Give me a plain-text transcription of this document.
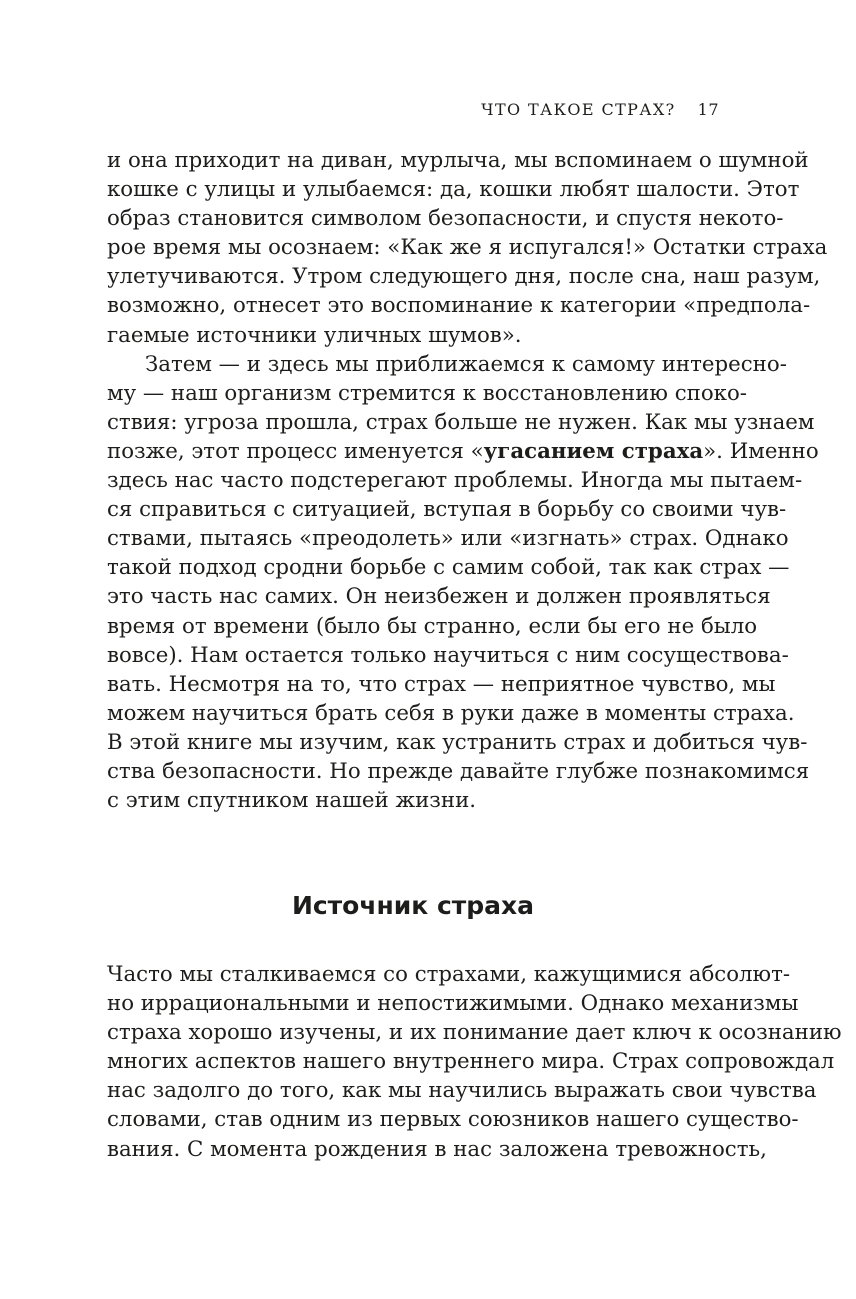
ЧТО ТАКОЕ СТРАХ? 17
и она приходит на диван, мурлыча, мы вспоминаем о шумной
кошке с улицы и улыбаемся: да, кошки любят шалости. Этот
образ становится символом безопасности, и спустя некото-
рое время мы осознаем: «Как же я испугался!» Остатки страха
улетучиваются. Утром следующего дня, после сна, наш разум,
возможно, отнесет это воспоминание к категории «предпола-
гаемые источники уличных шумов».
Затем — и здесь мы приближаемся к самому интересно-
му — наш организм стремится к восстановлению споко-
ствия: угроза прошла, страх больше не нужен. Как мы узнаем
позже, этот процесс именуется «угасанием страха». Именно
здесь нас часто подстерегают проблемы. Иногда мы пытаем-
ся справиться с ситуацией, вступая в борьбу со своими чув-
ствами, пытаясь «преодолеть» или «изгнать» страх. Однако
такой подход сродни борьбе с самим собой, так как страх —
это часть нас самих. Он неизбежен и должен проявляться
время от времени (было бы странно, если бы его не было
вовсе). Нам остается только научиться с ним сосуществова-
вать. Несмотря на то, что страх — неприятное чувство, мы
можем научиться брать себя в руки даже в моменты страха.
В этой книге мы изучим, как устранить страх и добиться чув-
ства безопасности. Но прежде давайте глубже познакомимся
с этим спутником нашей жизни.
Источник страха
Часто мы сталкиваемся со страхами, кажущимися абсолют-
но иррациональными и непостижимыми. Однако механизмы
страха хорошо изучены, и их понимание дает ключ к осознанию
многих аспектов нашего внутреннего мира. Страх сопровождал
нас задолго до того, как мы научились выражать свои чувства
словами, став одним из первых союзников нашего существо-
вания. С момента рождения в нас заложена тревожность,
